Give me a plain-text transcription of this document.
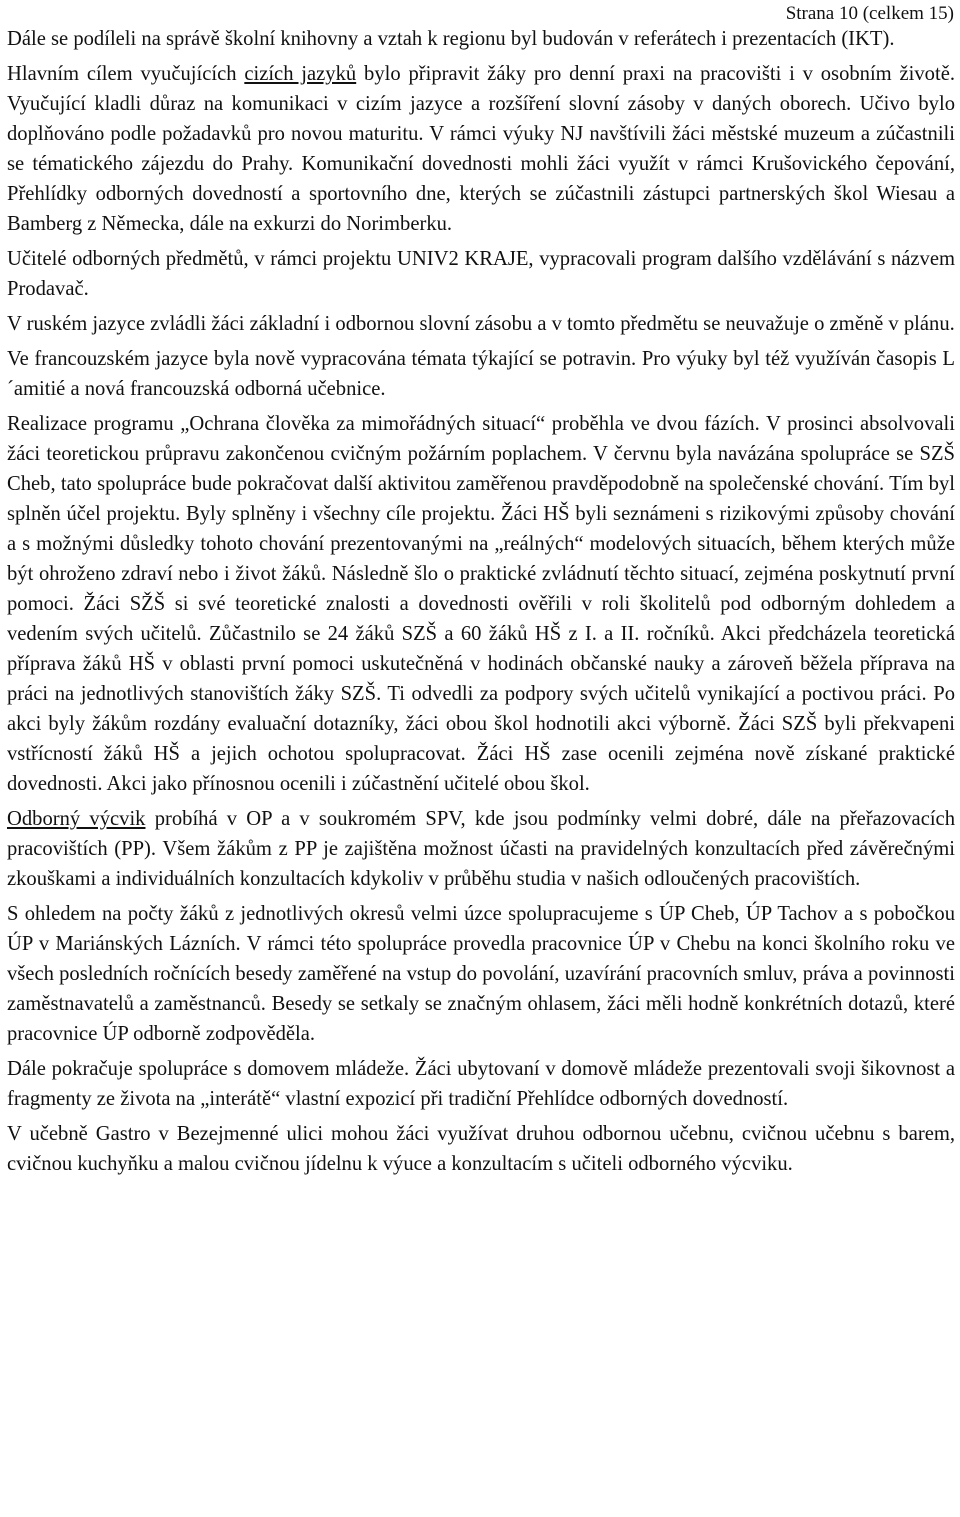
Strana 10 (celkem 15)

Dále se podíleli na správě školní knihovny a vztah k regionu byl budován v referátech i prezentacích (IKT).

Hlavním cílem vyučujících cizích jazyků bylo připravit žáky pro denní praxi na pracovišti i v osobním životě. Vyučující kladli důraz na komunikaci v cizím jazyce a rozšíření slovní zásoby v daných oborech. Učivo bylo doplňováno podle požadavků pro novou maturitu. V rámci výuky NJ navštívili žáci městské muzeum a zúčastnili se tématického zájezdu do Prahy. Komunikační dovednosti mohli žáci využít v rámci Krušovického čepování, Přehlídky odborných dovedností a sportovního dne, kterých se zúčastnili zástupci partnerských škol Wiesau a Bamberg z Německa, dále na exkurzi do Norimberku.

Učitelé odborných předmětů, v rámci projektu UNIV2 KRAJE, vypracovali program dalšího vzdělávání s názvem Prodavač.

V ruském jazyce zvládli žáci základní i odbornou slovní zásobu a v tomto předmětu se neuvažuje o změně v plánu.

Ve francouzském jazyce byla nově vypracována témata týkající se potravin. Pro výuky byl též využíván časopis L´amitié a nová francouzská odborná učebnice.

Realizace programu „Ochrana člověka za mimořádných situací“ proběhla ve dvou fázích. V prosinci absolvovali žáci teoretickou průpravu zakončenou cvičným požárním poplachem. V červnu byla navázána spolupráce se SZŠ Cheb, tato spolupráce bude pokračovat další aktivitou zaměřenou pravděpodobně na společenské chování. Tím byl splněn účel projektu. Byly splněny i všechny cíle projektu. Žáci HŠ byli seznámeni s rizikovými způsoby chování a s možnými důsledky tohoto chování prezentovanými na „reálných“ modelových situacích, během kterých může být ohroženo zdraví nebo i život žáků. Následně šlo o praktické zvládnutí těchto situací, zejména poskytnutí první pomoci. Žáci SŽŠ si své teoretické znalosti a dovednosti ověřili v roli školitelů pod odborným dohledem a vedením svých učitelů. Zůčastnilo se 24 žáků SZŠ a 60 žáků HŠ z I. a II. ročníků. Akci předcházela teoretická příprava žáků HŠ v oblasti první pomoci uskutečněná v hodinách občanské nauky a zároveň běžela příprava na práci na jednotlivých stanovištích žáky SZŠ. Ti odvedli za podpory svých učitelů vynikající a poctivou práci. Po akci byly žákům rozdány evaluační dotazníky, žáci obou škol hodnotili akci výborně. Žáci SZŠ byli překvapeni vstřícností žáků HŠ a jejich ochotou spolupracovat. Žáci HŠ zase ocenili zejména nově získané praktické dovednosti. Akci jako přínosnou ocenili i zúčastnění učitelé obou škol.

Odborný výcvik probíhá v OP a v soukromém SPV, kde jsou podmínky velmi dobré, dále na přeřazovacích pracovištích (PP). Všem žákům z PP je zajištěna možnost účasti na pravidelných konzultacích před závěrečnými zkouškami a individuálních konzultacích kdykoliv v průběhu studia v našich odloučených pracovištích.

S ohledem na počty žáků z jednotlivých okresů velmi úzce spolupracujeme s ÚP Cheb, ÚP Tachov a s pobočkou ÚP v Mariánských Lázních. V rámci této spolupráce provedla pracovnice ÚP v Chebu na konci školního roku ve všech posledních ročnících besedy zaměřené na vstup do povolání, uzavírání pracovních smluv, práva a povinnosti zaměstnavatelů a zaměstnanců. Besedy se setkaly se značným ohlasem, žáci měli hodně konkrétních dotazů, které pracovnice ÚP odborně zodpověděla.

Dále pokračuje spolupráce s domovem mládeže. Žáci ubytovaní v domově mládeže prezentovali svoji šikovnost a fragmenty ze života na „interátě“ vlastní expozicí při tradiční Přehlídce odborných dovedností.

V učebně Gastro v Bezejmenné ulici mohou žáci využívat druhou odbornou učebnu, cvičnou učebnu s barem, cvičnou kuchyňku a malou cvičnou jídelnu k výuce a konzultacím s učiteli odborného výcviku.
